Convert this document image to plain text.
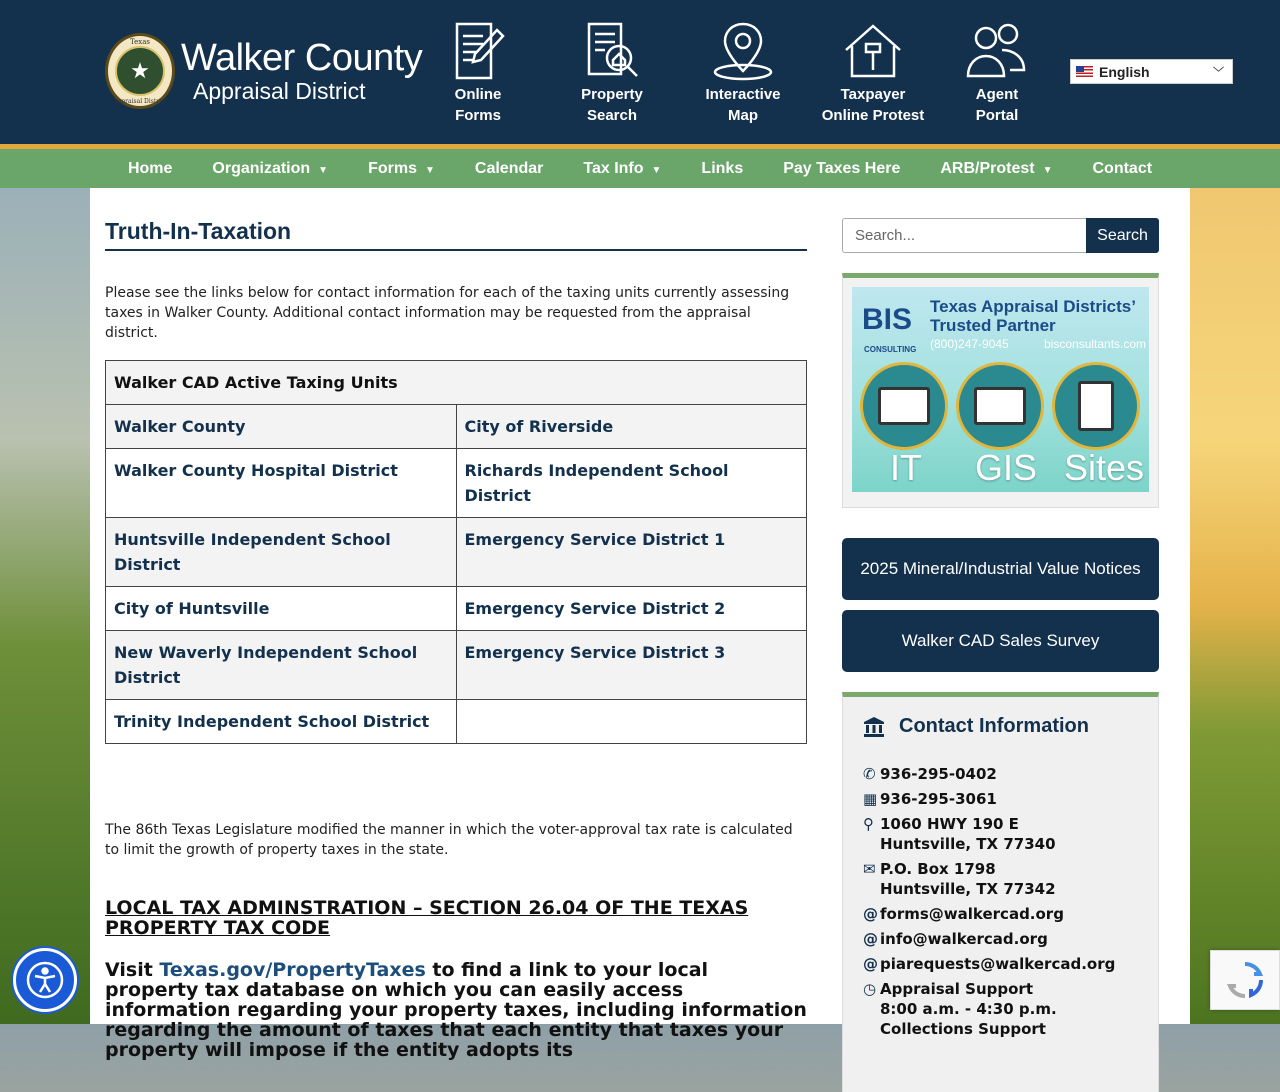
Texas
★
Appraisal District
Walker County
Appraisal District	Online
Forms
Property
Search
Interactive
Map
Taxpayer
Online Protest
Agent
Portal
English	﹀
Home	Organization ▼	Forms ▼	Calendar	Tax Info ▼	Links	Pay Taxes Here	ARB/Protest ▼	Contact
Truth-In-Taxation

Please see the links below for contact information for each of the taxing units currently assessing taxes in Walker County. Additional contact information may be requested from the appraisal district.

Walker CAD Active Taxing Units	
Walker County	City of Riverside
Walker County Hospital District	Richards Independent School District
Huntsville Independent School District	Emergency Service District 1
City of Huntsville	Emergency Service District 2
New Waverly Independent School District	Emergency Service District 3
Trinity Independent School District	

The 86th Texas Legislature modified the manner in which the voter-approval tax rate is calculated to limit the growth of property taxes in the state.

LOCAL TAX ADMINSTRATION – SECTION 26.04 OF THE TEXAS PROPERTY TAX CODE

Visit Texas.gov/PropertyTaxes to find a link to your local property tax database on which you can easily access information regarding your property taxes, including information regarding the amount of taxes that each entity that taxes your property will impose if the entity adopts its

Search...	Search
BIS
CONSULTING
Texas Appraisal Districts’
Trusted Partner
(800)247-9045	bisconsultants.com
IT GIS Sites
2025 Mineral/Industrial Value Notices
Walker CAD Sales Survey
Contact Information
✆ 936-295-0402
▦ 936-295-3061
⚲ 1060 HWY 190 E
Huntsville, TX 77340
✉ P.O. Box 1798
Huntsville, TX 77342
@ forms@walkercad.org
@ info@walkercad.org
@ piarequests@walkercad.org
◷ Appraisal Support
8:00 a.m. - 4:30 p.m.
Collections Support
